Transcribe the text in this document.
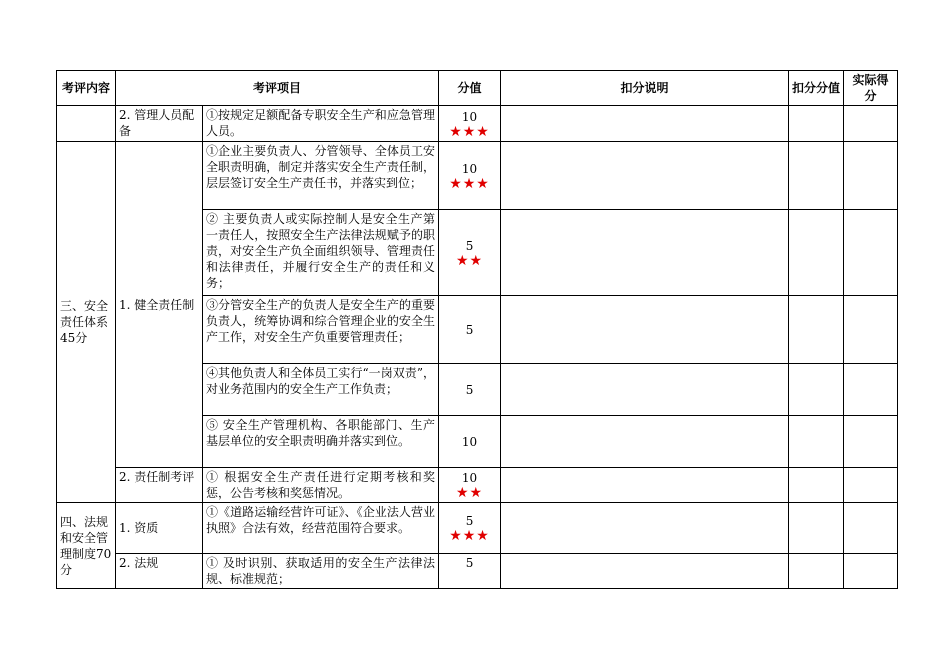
考评内容	考评项目		分值	扣分说明	扣分分值	实际得分
	2. 管理人员配备	①按规定足额配备专职安全生产和应急管理人员。	10
★★★			

三、安全责任体系45分	1. 健全责任制	①企业主要负责人、分管领导、全体员工安全职责明确，制定并落实安全生产责任制，层层签订安全生产责任书，并落实到位；	10
★★★			

		② 主要负责人或实际控制人是安全生产第一责任人，按照安全生产法律法规赋予的职责，对安全生产负全面组织领导、管理责任和法律责任，并履行安全生产的责任和义务；	5
★★			

		③分管安全生产的负责人是安全生产的重要负责人，统筹协调和综合管理企业的安全生产工作，对安全生产负重要管理责任；	5			

		④其他负责人和全体员工实行“一岗双责”，对业务范围内的安全生产工作负责；	5			

		⑤ 安全生产管理机构、各职能部门、生产基层单位的安全职责明确并落实到位。	10			

	2. 责任制考评	① 根据安全生产责任进行定期考核和奖惩，公告考核和奖惩情况。	10
★★			

四、法规和安全管理制度70分	1. 资质	①《道路运输经营许可证》、《企业法人营业执照》合法有效，经营范围符合要求。	5
★★★			

	2. 法规	① 及时识别、获取适用的安全生产法律法规、标准规范；	5			
